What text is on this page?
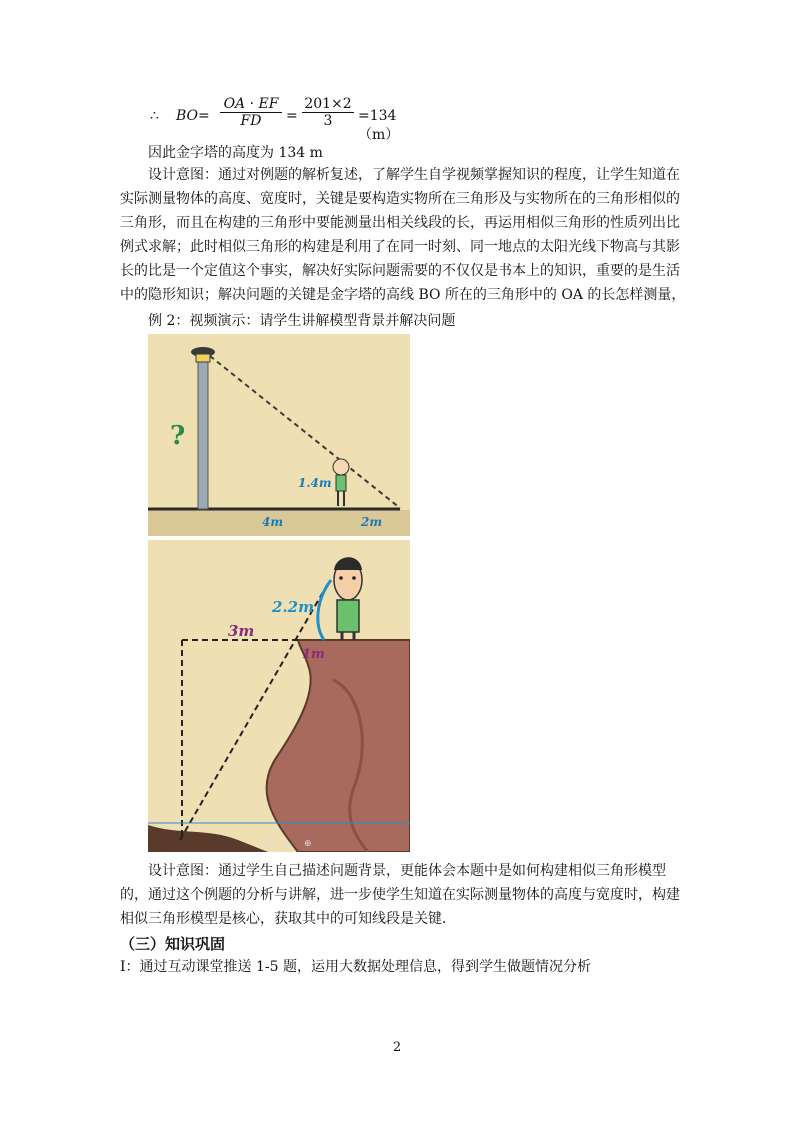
∴ $BO= \frac{OA \cdot EF}{FD} = \frac{201\times 2}{3} =134(m)$
因此金字塔的高度为 134 m
设计意图：通过对例题的解析复述，了解学生自学视频掌握知识的程度，让学生知道在
实际测量物体的高度、宽度时，关键是要构造实物所在三角形及与实物所在的三角形相似的
三角形，而且在构建的三角形中要能测量出相关线段的长，再运用相似三角形的性质列出比
例式求解；此时相似三角形的构建是利用了在同一时刻、同一地点的太阳光线下物高与其影
长的比是一个定值这个事实，解决好实际问题需要的不仅仅是书本上的知识，重要的是生活
中的隐形知识；解决问题的关键是金字塔的高线 BO 所在的三角形中的 OA 的长怎样测量，
例 2：视频演示：请学生讲解模型背景并解决问题
?
1.4m
4m	2m
3m
2.2m
1m
⊖ ▷ ⊕
设计意图：通过学生自己描述问题背景，更能体会本题中是如何构建相似三角形模型
的，通过这个例题的分析与讲解，进一步使学生知道在实际测量物体的高度与宽度时，构建
相似三角形模型是核心，获取其中的可知线段是关键．
（三）知识巩固
Ⅰ：通过互动课堂推送 1-5 题，运用大数据处理信息，得到学生做题情况分析
2
